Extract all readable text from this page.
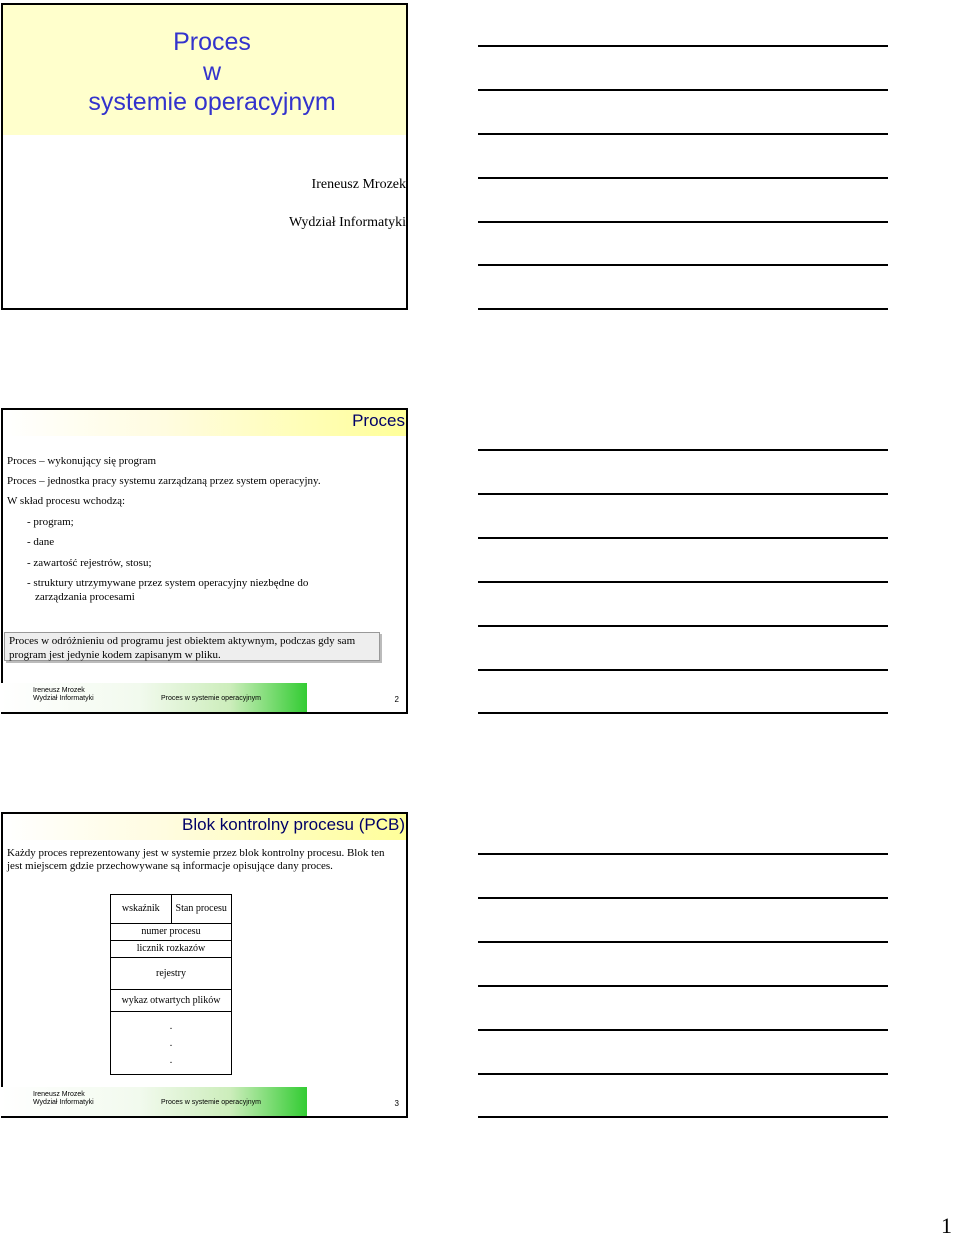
Proces
w
systemie operacyjnym
Ireneusz Mrozek
Wydział Informatyki
Proces
Proces – wykonujący się program
Proces – jednostka pracy systemu zarządzaną przez system operacyjny.
W skład procesu wchodzą:
- program;
- dane
- zawartość rejestrów, stosu;
- struktury utrzymywane przez system operacyjny niezbędne do
zarządzania procesami
Proces w odróżnieniu od programu jest obiektem aktywnym, podczas gdy sam program jest jedynie kodem zapisanym w pliku.
Ireneusz Mrozek
Wydział Informatyki	Proces w systemie operacyjnym	2
Blok kontrolny procesu (PCB)
Każdy proces reprezentowany jest w systemie przez blok kontrolny procesu. Blok ten jest miejscem gdzie przechowywane są informacje opisujące dany proces.
wskaźnik	Stan procesu
numer procesu
licznik rozkazów
rejestry
wykaz otwartych plików
.
.
.
Ireneusz Mrozek
Wydział Informatyki	Proces w systemie operacyjnym	3
1
